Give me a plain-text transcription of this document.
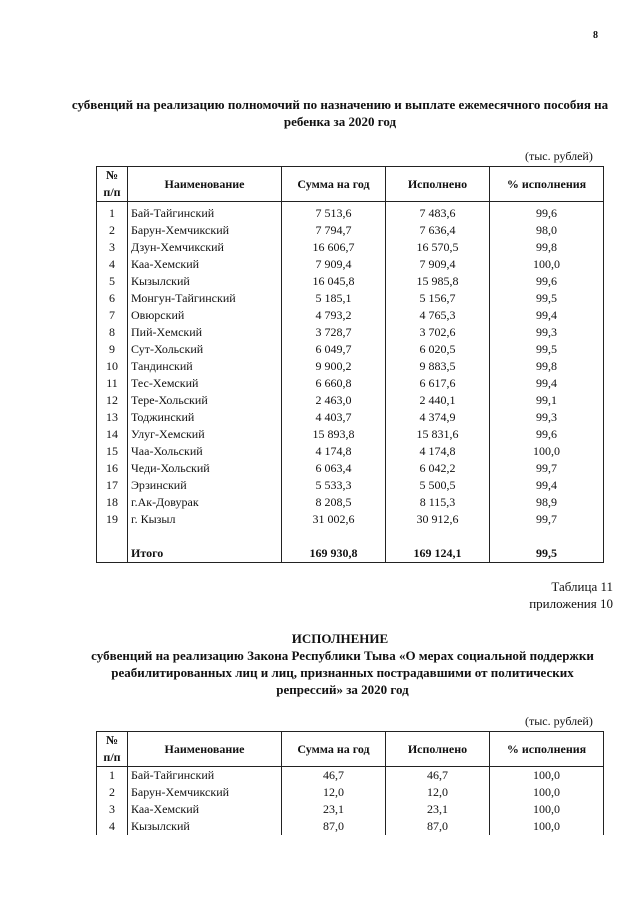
8
субвенций на реализацию полномочий по назначению и выплате ежемесячного пособия на ребенка за 2020 год
(тыс. рублей)
№ п/п	Наименование	Сумма на год	Исполнено	% исполнения
1	Бай-Тайгинский	7 513,6	7 483,6	99,6
2	Барун-Хемчикский	7 794,7	7 636,4	98,0
3	Дзун-Хемчикский	16 606,7	16 570,5	99,8
4	Каа-Хемский	7 909,4	7 909,4	100,0
5	Кызылский	16 045,8	15 985,8	99,6
6	Монгун-Тайгинский	5 185,1	5 156,7	99,5
7	Овюрский	4 793,2	4 765,3	99,4
8	Пий-Хемский	3 728,7	3 702,6	99,3
9	Сут-Хольский	6 049,7	6 020,5	99,5
10	Тандинский	9 900,2	9 883,5	99,8
11	Тес-Хемский	6 660,8	6 617,6	99,4
12	Тере-Хольский	2 463,0	2 440,1	99,1
13	Тоджинский	4 403,7	4 374,9	99,3
14	Улуг-Хемский	15 893,8	15 831,6	99,6
15	Чаа-Хольский	4 174,8	4 174,8	100,0
16	Чеди-Хольский	6 063,4	6 042,2	99,7
17	Эрзинский	5 533,3	5 500,5	99,4
18	г.Ак-Довурак	8 208,5	8 115,3	98,9
19	г. Кызыл	31 002,6	30 912,6	99,7

	Итого	169 930,8	169 124,1	99,5
Таблица 11
приложения 10
ИСПОЛНЕНИЕ
субвенций на реализацию Закона Республики Тыва «О мерах социальной поддержки реабилитированных лиц и лиц, признанных пострадавшими от политических репрессий» за 2020 год
(тыс. рублей)
№ п/п	Наименование	Сумма на год	Исполнено	% исполнения
1	Бай-Тайгинский	46,7	46,7	100,0
2	Барун-Хемчикский	12,0	12,0	100,0
3	Каа-Хемский	23,1	23,1	100,0
4	Кызылский	87,0	87,0	100,0
